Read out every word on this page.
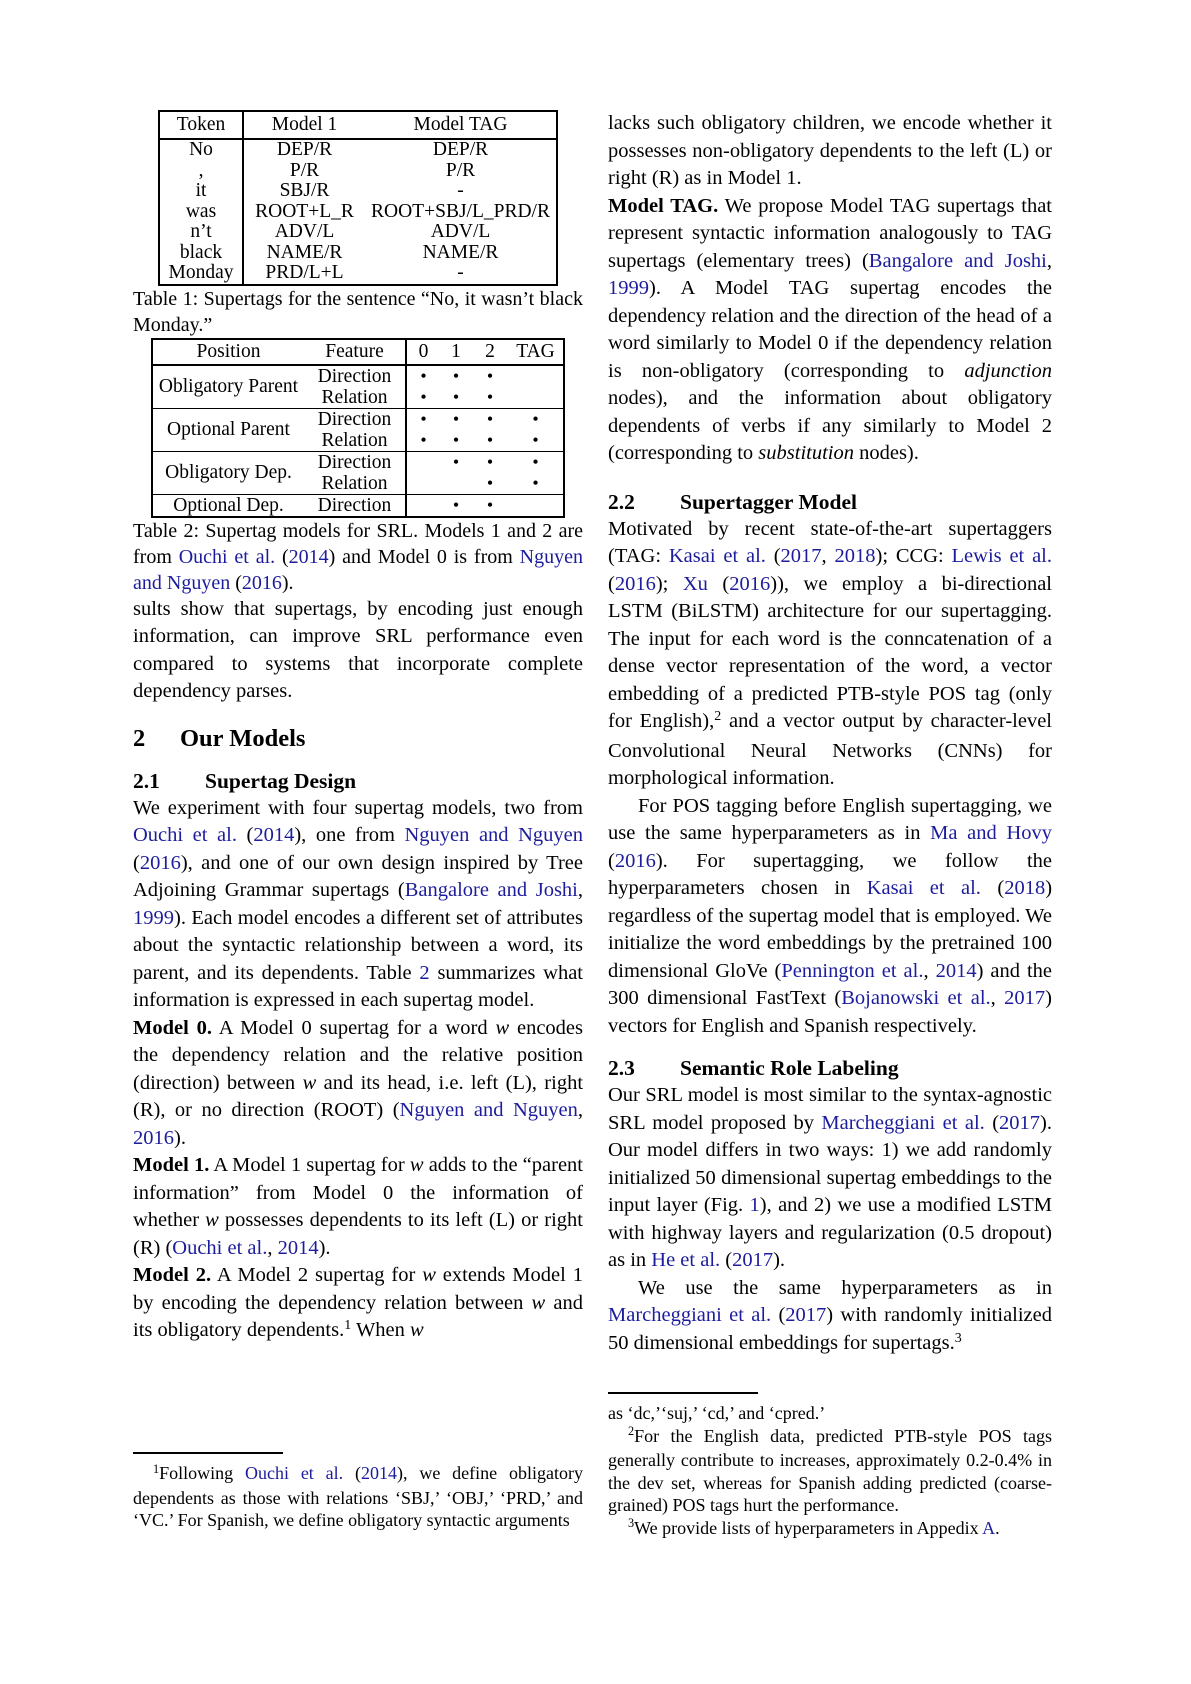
Token	Model 1	Model TAG
No	DEP/R	DEP/R
,	P/R	P/R
it	SBJ/R	-
was	ROOT+L_R	ROOT+SBJ/L_PRD/R
n’t	ADV/L	ADV/L
black	NAME/R	NAME/R
Monday	PRD/L+L	-

Table 1: Supertags for the sentence “No, it wasn’t black Monday.”

Position	Feature	0	1	2	TAG
Obligatory Parent	Direction	•	•	•	
	Relation	•	•	•	
Optional Parent	Direction	•	•	•	•
	Relation	•	•	•	•
Obligatory Dep.	Direction		•	•	•
	Relation			•	•
Optional Dep.	Direction		•	•	

Table 2: Supertag models for SRL. Models 1 and 2 are from Ouchi et al. (2014) and Model 0 is from Nguyen and Nguyen (2016).

sults show that supertags, by encoding just enough information, can improve SRL performance even compared to systems that incorporate complete dependency parses.

2 Our Models
2.1 Supertag Design

We experiment with four supertag models, two from Ouchi et al. (2014), one from Nguyen and Nguyen (2016), and one of our own design inspired by Tree Adjoining Grammar supertags (Bangalore and Joshi, 1999). Each model encodes a different set of attributes about the syntactic relationship between a word, its parent, and its dependents. Table 2 summarizes what information is expressed in each supertag model.

Model 0. A Model 0 supertag for a word w encodes the dependency relation and the relative position (direction) between w and its head, i.e. left (L), right (R), or no direction (ROOT) (Nguyen and Nguyen, 2016).

Model 1. A Model 1 supertag for w adds to the “parent information” from Model 0 the information of whether w possesses dependents to its left (L) or right (R) (Ouchi et al., 2014).

Model 2. A Model 2 supertag for w extends Model 1 by encoding the dependency relation between w and its obligatory dependents.$^1$ When w

lacks such obligatory children, we encode whether it possesses non-obligatory dependents to the left (L) or right (R) as in Model 1.

Model TAG. We propose Model TAG supertags that represent syntactic information analogously to TAG supertags (elementary trees) (Bangalore and Joshi, 1999). A Model TAG supertag encodes the dependency relation and the direction of the head of a word similarly to Model 0 if the dependency relation is non-obligatory (corresponding to adjunction nodes), and the information about obligatory dependents of verbs if any similarly to Model 2 (corresponding to substitution nodes).

2.2 Supertagger Model

Motivated by recent state-of-the-art supertaggers (TAG: Kasai et al. (2017, 2018); CCG: Lewis et al. (2016); Xu (2016)), we employ a bi-directional LSTM (BiLSTM) architecture for our supertagging. The input for each word is the conncatenation of a dense vector representation of the word, a vector embedding of a predicted PTB-style POS tag (only for English),$^2$ and a vector output by character-level Convolutional Neural Networks (CNNs) for morphological information.

For POS tagging before English supertagging, we use the same hyperparameters as in Ma and Hovy (2016). For supertagging, we follow the hyperparameters chosen in Kasai et al. (2018) regardless of the supertag model that is employed. We initialize the word embeddings by the pretrained 100 dimensional GloVe (Pennington et al., 2014) and the 300 dimensional FastText (Bojanowski et al., 2017) vectors for English and Spanish respectively.

2.3 Semantic Role Labeling

Our SRL model is most similar to the syntax-agnostic SRL model proposed by Marcheggiani et al. (2017). Our model differs in two ways: 1) we add randomly initialized 50 dimensional supertag embeddings to the input layer (Fig. 1), and 2) we use a modified LSTM with highway layers and regularization (0.5 dropout) as in He et al. (2017).

We use the same hyperparameters as in Marcheggiani et al. (2017) with randomly initialized 50 dimensional embeddings for supertags.$^3$

$^1$Following Ouchi et al. (2014), we define obligatory dependents as those with relations ‘SBJ,’ ‘OBJ,’ ‘PRD,’ and ‘VC.’ For Spanish, we define obligatory syntactic arguments

as ‘dc,’‘suj,’ ‘cd,’ and ‘cpred.’

$^2$For the English data, predicted PTB-style POS tags generally contribute to increases, approximately 0.2-0.4% in the dev set, whereas for Spanish adding predicted (coarse-grained) POS tags hurt the performance.

$^3$We provide lists of hyperparameters in Appedix A.
